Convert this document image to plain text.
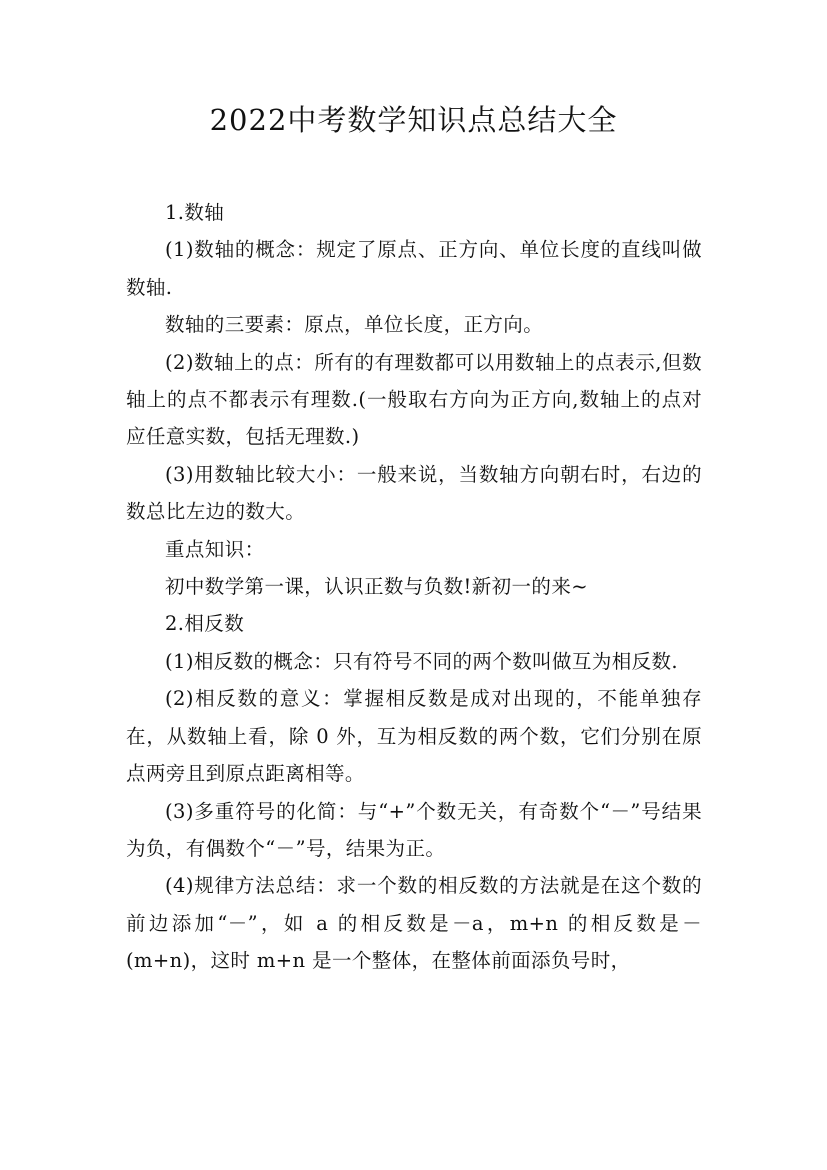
2022中考数学知识点总结大全

1.数轴

(1)数轴的概念：规定了原点、正方向、单位长度的直线叫做数轴.

数轴的三要素：原点，单位长度，正方向。

(2)数轴上的点：所有的有理数都可以用数轴上的点表示,但数轴上的点不都表示有理数.(一般取右方向为正方向,数轴上的点对应任意实数，包括无理数.)

(3)用数轴比较大小：一般来说，当数轴方向朝右时，右边的数总比左边的数大。

重点知识：

初中数学第一课，认识正数与负数!新初一的来~

2.相反数

(1)相反数的概念：只有符号不同的两个数叫做互为相反数.

(2)相反数的意义：掌握相反数是成对出现的，不能单独存在，从数轴上看，除 0 外，互为相反数的两个数，它们分别在原点两旁且到原点距离相等。

(3)多重符号的化简：与“+”个数无关，有奇数个“－”号结果为负，有偶数个“－”号，结果为正。

(4)规律方法总结：求一个数的相反数的方法就是在这个数的前边添加“－”，如 a 的相反数是－a，m+n 的相反数是－(m+n)，这时 m+n 是一个整体，在整体前面添负号时，
